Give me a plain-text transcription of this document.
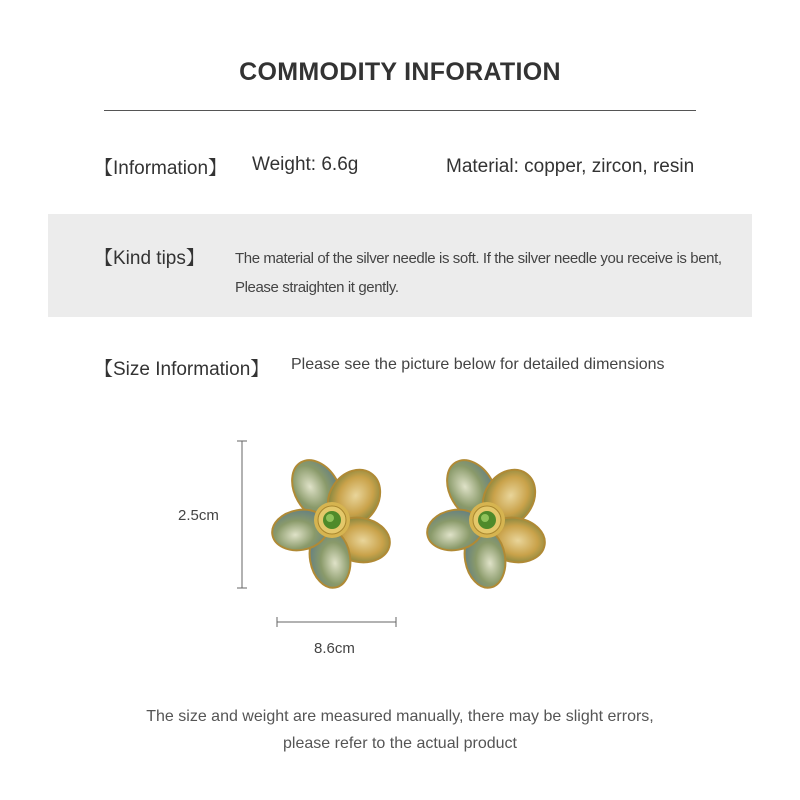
COMMODITY INFORATION
【Information】 Weight: 6.6g	Material: copper, zircon, resin
【Kind tips】 The material of the silver needle is soft. If the silver needle you receive is bent,
Please straighten it gently.
【Size Information】 Please see the picture below for detailed dimensions
2.5cm
8.6cm
The size and weight are measured manually, there may be slight errors,
please refer to the actual product
